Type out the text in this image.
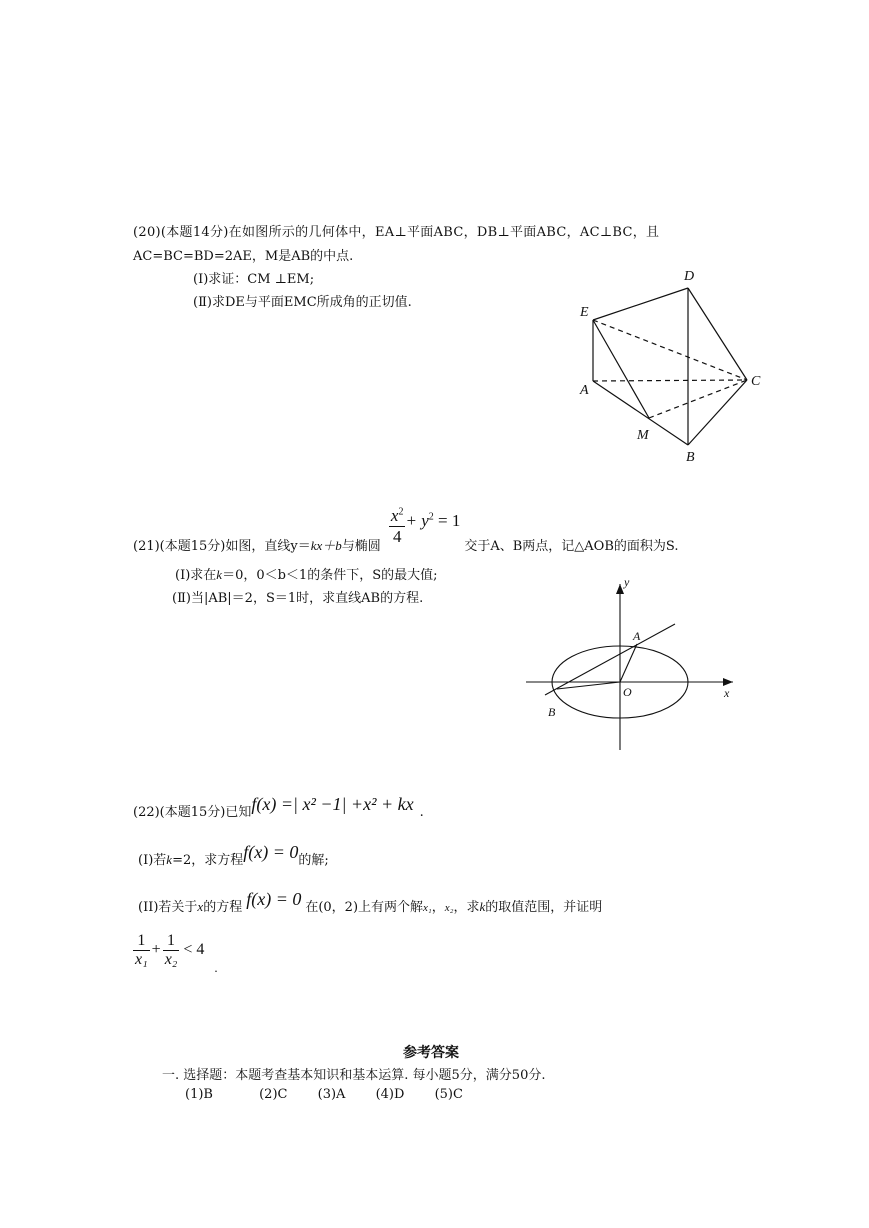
(20)(本题14分)在如图所示的几何体中，EA⊥平面ABC，DB⊥平面ABC，AC⊥BC，且
AC=BC=BD=2AE，M是AB的中点.
(I)求证：CM ⊥EM;
(Ⅱ)求DE与平面EMC所成角的正切值.
D
E
A
C
M
B
(21)(本题15分)如图，直线y＝kx＋b与椭圆 $\frac{x^2}{4} + y^2 = 1$交于A、B两点，记△AOB的面积为S.
(I)求在k＝0，0＜b＜1的条件下，S的最大值;
(Ⅱ)当|AB|＝2，S＝1时，求直线AB的方程.
y
A
O	x
B
(22)(本题15分)已知f(x) =| x² −1| +x² + kx .
(I)若k=2，求方程f(x) = 0的解;
(II)若关于x的方程 f(x) = 0 在(0，2)上有两个解x₁，x₂，求k的取值范围，并证明
$\frac{1}{\text{x₁}} + \frac{1}{\text{x₂}} < 4_.$
参考答案
一. 选择题：本题考查基本知识和基本运算. 每小题5分，满分50分.
(1)B	(2)C (3)A (4)D (5)C
